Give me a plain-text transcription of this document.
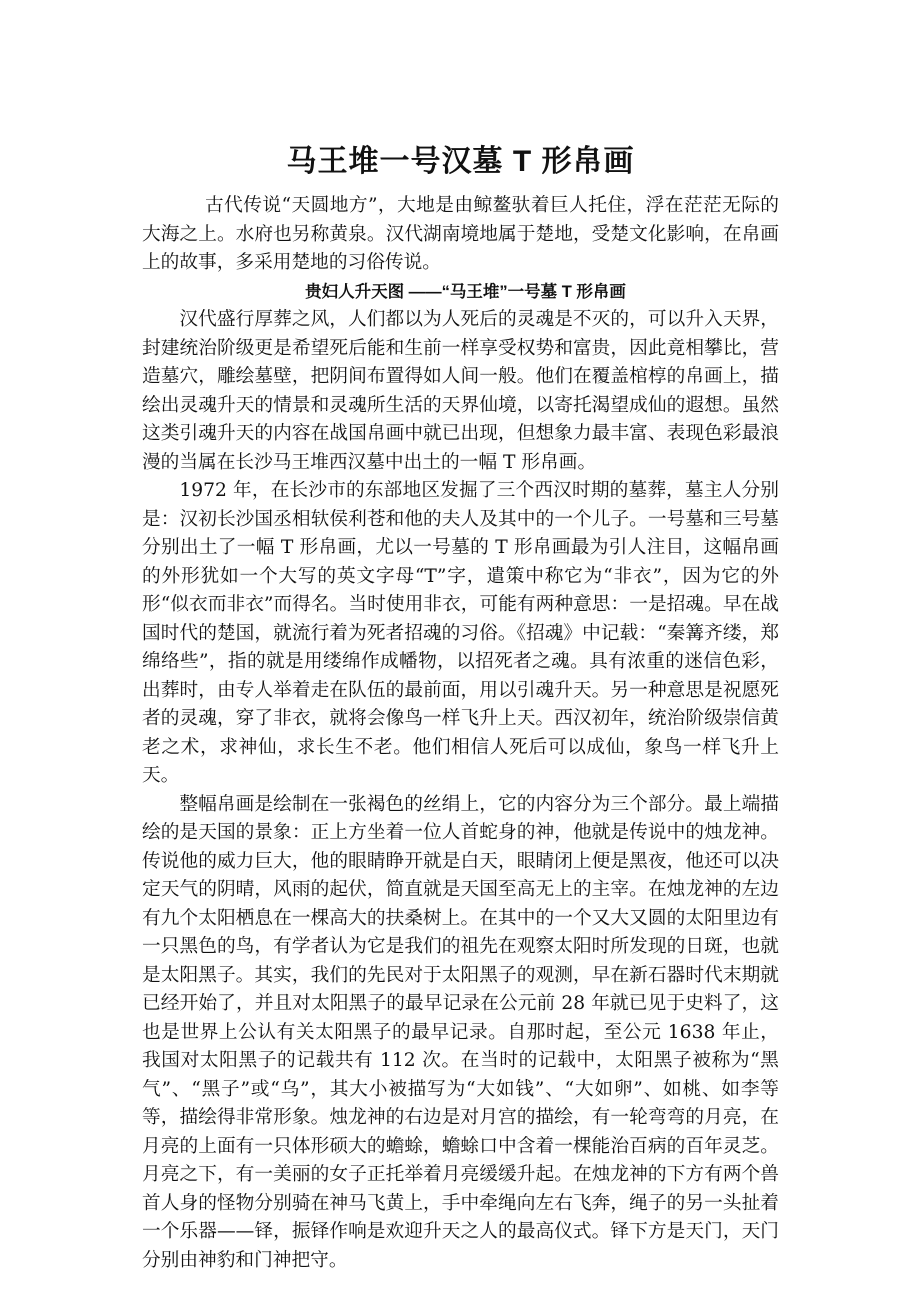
马王堆一号汉墓 T 形帛画

古代传说“天圆地方”，大地是由鲸鳌驮着巨人托住，浮在茫茫无际的大海之上。水府也另称黄泉。汉代湖南境地属于楚地，受楚文化影响，在帛画上的故事，多采用楚地的习俗传说。

贵妇人升天图 ——“马王堆”一号墓 T 形帛画

汉代盛行厚葬之风，人们都以为人死后的灵魂是不灭的，可以升入天界，封建统治阶级更是希望死后能和生前一样享受权势和富贵，因此竟相攀比，营造墓穴，雕绘墓壁，把阴间布置得如人间一般。他们在覆盖棺椁的帛画上，描绘出灵魂升天的情景和灵魂所生活的天界仙境，以寄托渴望成仙的遐想。虽然这类引魂升天的内容在战国帛画中就已出现，但想象力最丰富、表现色彩最浪漫的当属在长沙马王堆西汉墓中出土的一幅 T 形帛画。

1972 年，在长沙市的东部地区发掘了三个西汉时期的墓葬，墓主人分别是：汉初长沙国丞相轪侯利苍和他的夫人及其中的一个儿子。一号墓和三号墓分别出土了一幅 T 形帛画，尤以一号墓的 T 形帛画最为引人注目，这幅帛画的外形犹如一个大写的英文字母“T”字，遣策中称它为“非衣”，因为它的外形“似衣而非衣”而得名。当时使用非衣，可能有两种意思：一是招魂。早在战国时代的楚国，就流行着为死者招魂的习俗。《招魂》中记载：“秦篝齐缕，郑绵络些”，指的就是用缕绵作成幡物，以招死者之魂。具有浓重的迷信色彩，出葬时，由专人举着走在队伍的最前面，用以引魂升天。另一种意思是祝愿死者的灵魂，穿了非衣，就将会像鸟一样飞升上天。西汉初年，统治阶级崇信黄老之术，求神仙，求长生不老。他们相信人死后可以成仙，象鸟一样飞升上天。

整幅帛画是绘制在一张褐色的丝绢上，它的内容分为三个部分。最上端描绘的是天国的景象：正上方坐着一位人首蛇身的神，他就是传说中的烛龙神。传说他的威力巨大，他的眼睛睁开就是白天，眼睛闭上便是黑夜，他还可以决定天气的阴晴，风雨的起伏，简直就是天国至高无上的主宰。在烛龙神的左边有九个太阳栖息在一棵高大的扶桑树上。在其中的一个又大又圆的太阳里边有一只黑色的鸟，有学者认为它是我们的祖先在观察太阳时所发现的日斑，也就是太阳黑子。其实，我们的先民对于太阳黑子的观测，早在新石器时代末期就已经开始了，并且对太阳黑子的最早记录在公元前 28 年就已见于史料了，这也是世界上公认有关太阳黑子的最早记录。自那时起，至公元 1638 年止，我国对太阳黑子的记载共有 112 次。在当时的记载中，太阳黑子被称为“黑气”、“黑子”或“乌”，其大小被描写为“大如钱”、“大如卵”、如桃、如李等等，描绘得非常形象。烛龙神的右边是对月宫的描绘，有一轮弯弯的月亮，在月亮的上面有一只体形硕大的蟾蜍，蟾蜍口中含着一棵能治百病的百年灵芝。月亮之下，有一美丽的女子正托举着月亮缓缓升起。在烛龙神的下方有两个兽首人身的怪物分别骑在神马飞黄上，手中牵绳向左右飞奔，绳子的另一头扯着一个乐器——铎，振铎作响是欢迎升天之人的最高仪式。铎下方是天门，天门分别由神豹和门神把守。
